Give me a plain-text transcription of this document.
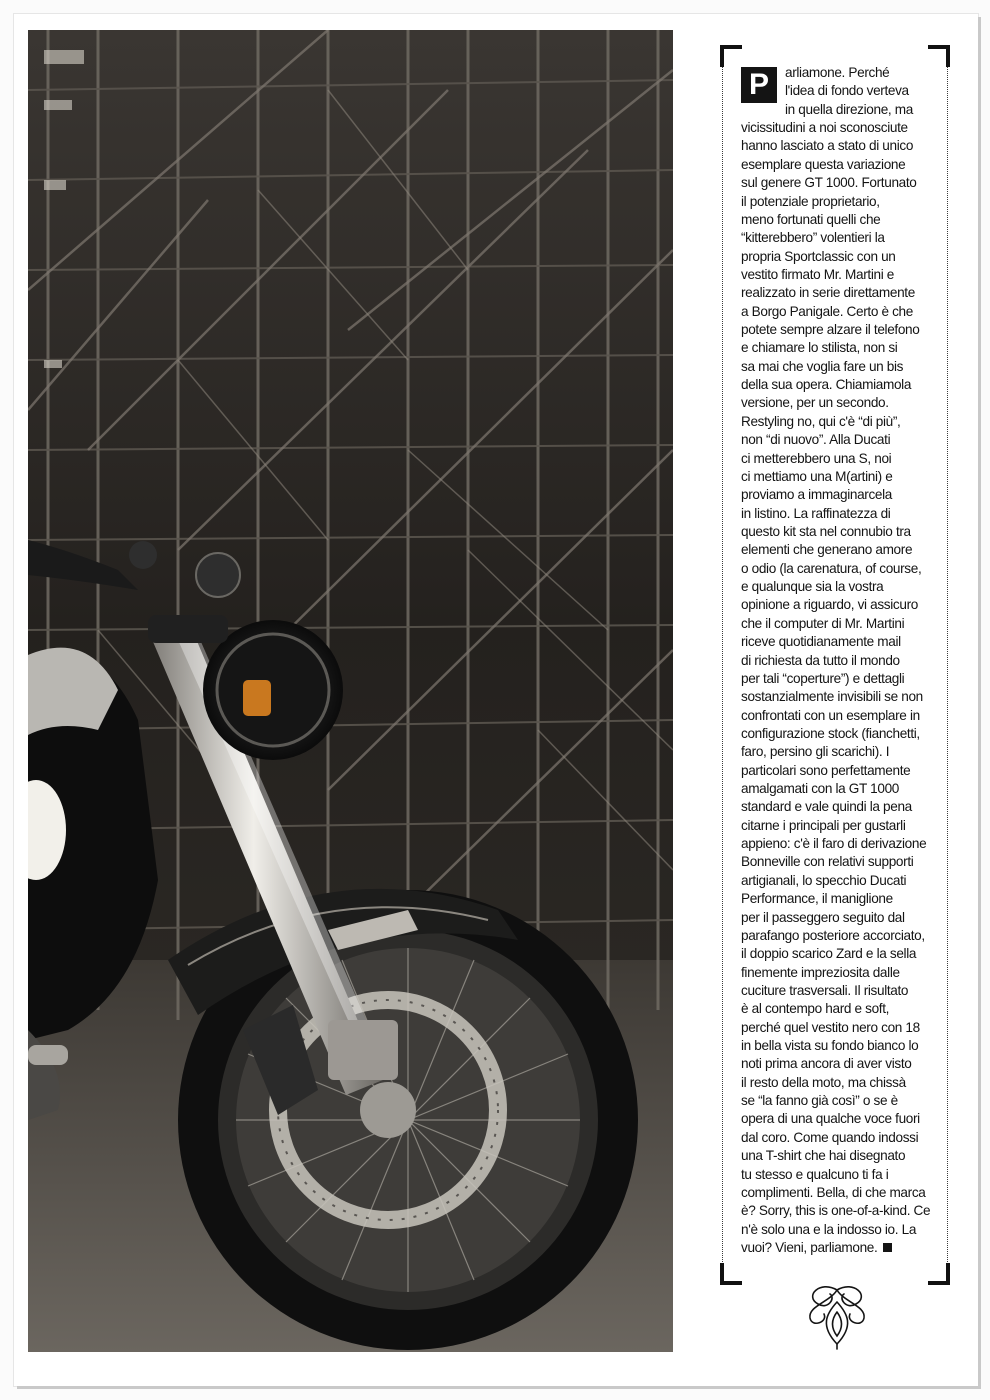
P	arliamone. Perché
l'idea di fondo verteva
in quella direzione, ma
vicissitudini a noi sconosciute
hanno lasciato a stato di unico
esemplare questa variazione
sul genere GT 1000. Fortunato
il potenziale proprietario,
meno fortunati quelli che
“kitterebbero” volentieri la
propria Sportclassic con un
vestito firmato Mr. Martini e
realizzato in serie direttamente
a Borgo Panigale. Certo è che
potete sempre alzare il telefono
e chiamare lo stilista, non si
sa mai che voglia fare un bis
della sua opera. Chiamiamola
versione, per un secondo.
Restyling no, qui c'è “di più”,
non “di nuovo”. Alla Ducati
ci metterebbero una S, noi
ci mettiamo una M(artini) e
proviamo a immaginarcela
in listino. La raffinatezza di
questo kit sta nel connubio tra
elementi che generano amore
o odio (la carenatura, of course,
e qualunque sia la vostra
opinione a riguardo, vi assicuro
che il computer di Mr. Martini
riceve quotidianamente mail
di richiesta da tutto il mondo
per tali “coperture”) e dettagli
sostanzialmente invisibili se non
confrontati con un esemplare in
configurazione stock (fianchetti,
faro, persino gli scarichi). I
particolari sono perfettamente
amalgamati con la GT 1000
standard e vale quindi la pena
citarne i principali per gustarli
appieno: c'è il faro di derivazione
Bonneville con relativi supporti
artigianali, lo specchio Ducati
Performance, il maniglione
per il passeggero seguito dal
parafango posteriore accorciato,
il doppio scarico Zard e la sella
finemente impreziosita dalle
cuciture trasversali. Il risultato
è al contempo hard e soft,
perché quel vestito nero con 18
in bella vista su fondo bianco lo
noti prima ancora di aver visto
il resto della moto, ma chissà
se “la fanno già così” o se è
opera di una qualche voce fuori
dal coro. Come quando indossi
una T-shirt che hai disegnato
tu stesso e qualcuno ti fa i
complimenti. Bella, di che marca
è? Sorry, this is one-of-a-kind. Ce
n'è solo una e la indosso io. La
vuoi? Vieni, parliamone.
